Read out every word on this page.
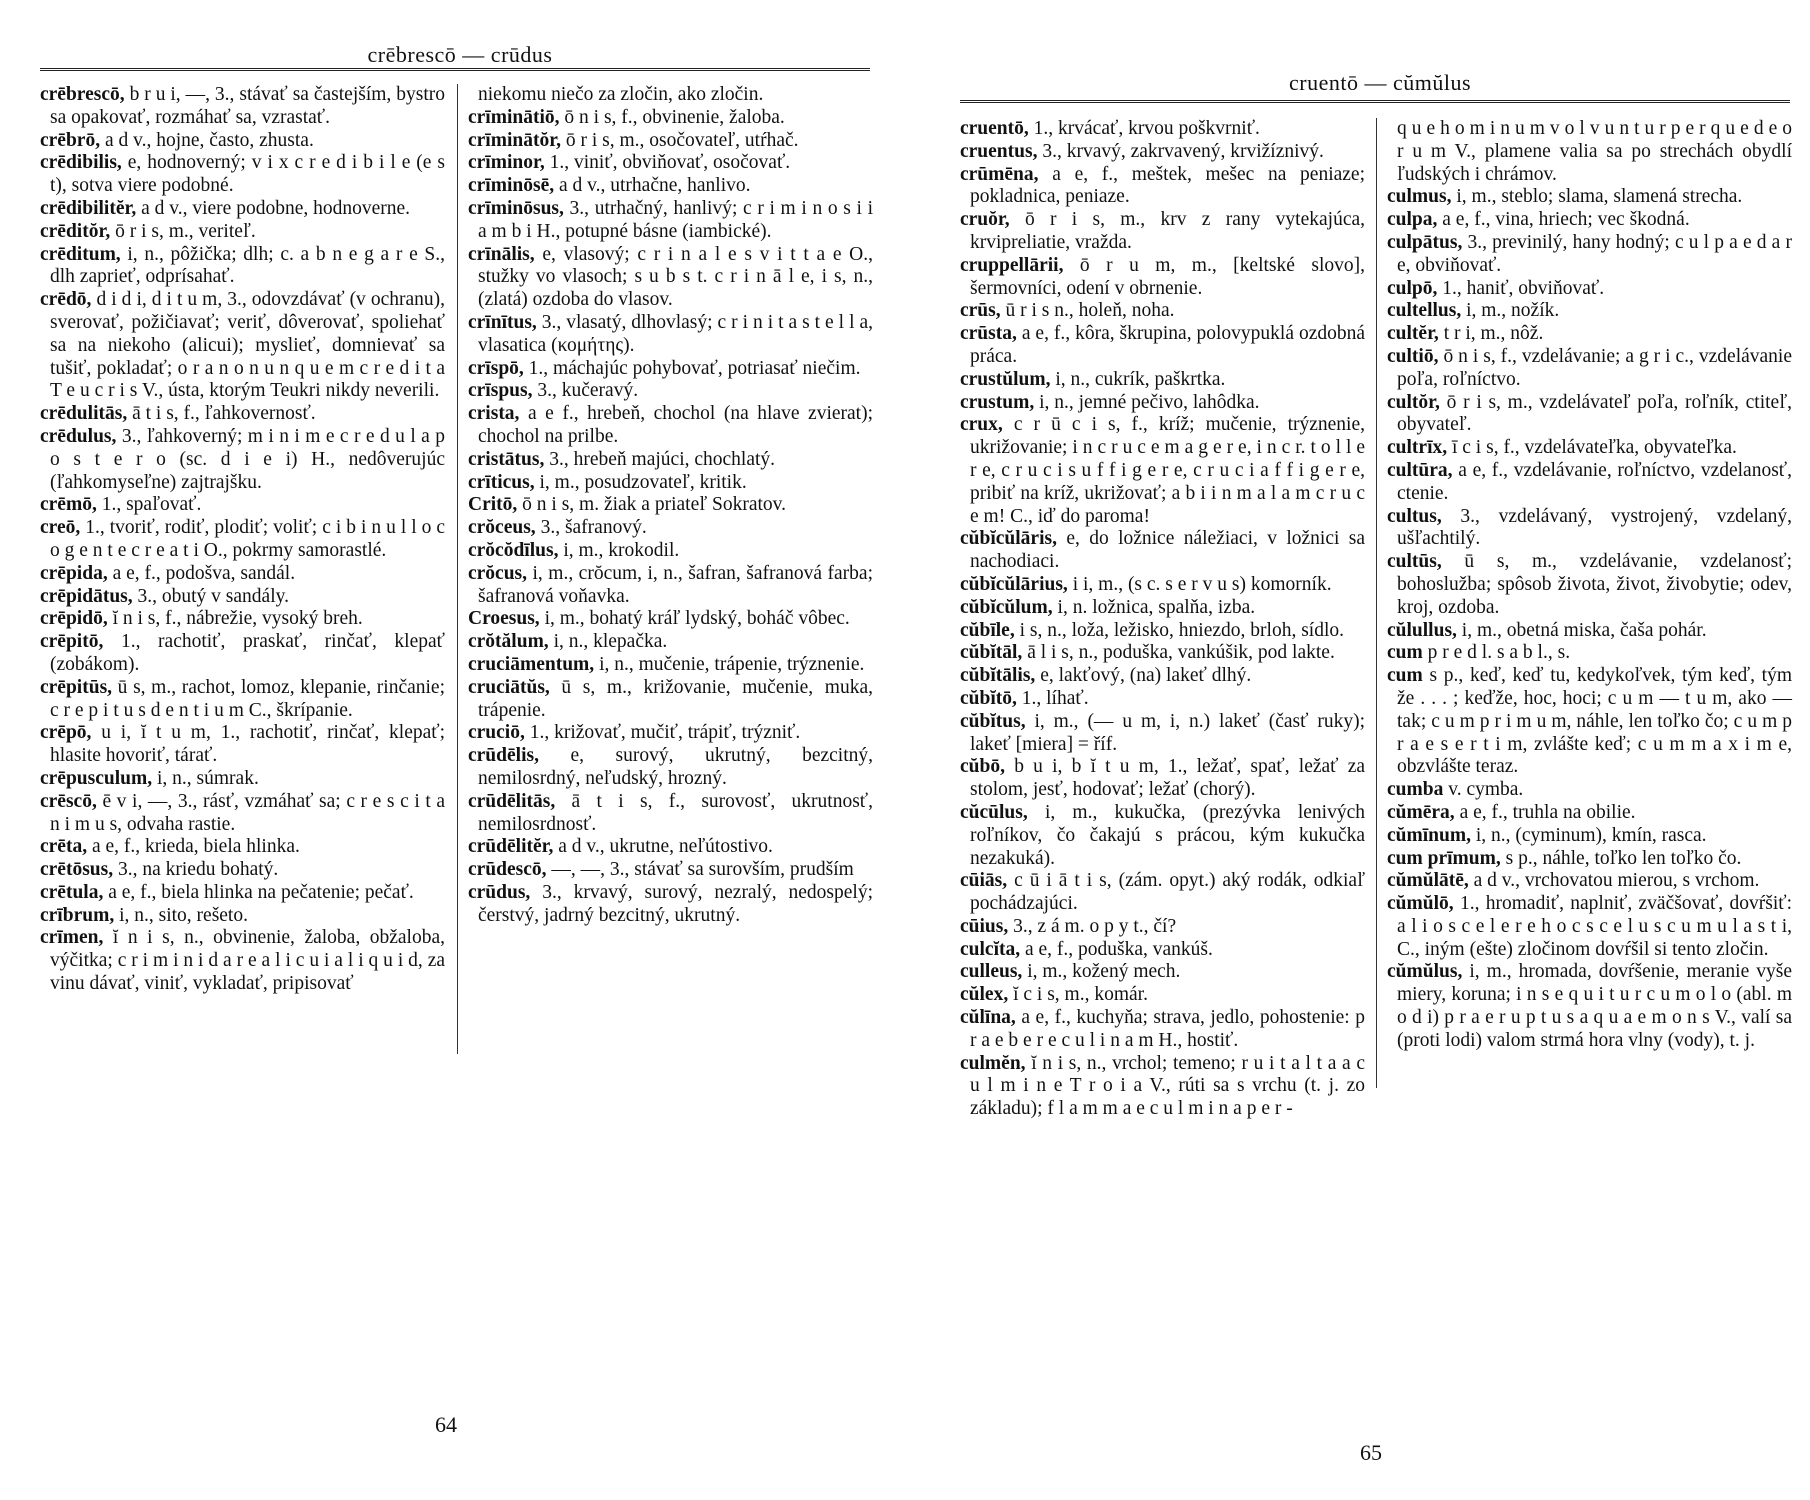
crēbrescō — crūdus

crēbrescō, b r u i, —, 3., stávať sa častejším, bystro sa opakovať, rozmáhať sa, vzrastať.

crēbrō, a d v., hojne, často, zhusta.

crēdibilis, e, hodnoverný; v i x c r e d i b i l e (e s t), sotva viere podobné.

crēdibilitĕr, a d v., viere podobne, hodnoverne.

crēditŏr, ō r i s, m., veriteľ.

crēditum, i, n., pôžička; dlh; c. a b n e g a r e S., dlh zaprieť, odprísahať.

crēdō, d i d i, d i t u m, 3., odovzdávať (v ochranu), sverovať, požičiavať; veriť, dôverovať, spoliehať sa na niekoho (alicui); myslieť, domnievať sa tušiť, pokladať; o r a n o n u n q u e m c r e d i t a T e u c r i s V., ústa, ktorým Teukri nikdy neverili.

crēdulitās, ā t i s, f., ľahkovernosť.

crēdulus, 3., ľahkoverný; m i n i m e c r e d u l a p o s t e r o (sc. d i e i) H., nedôverujúc (ľahkomyseľne) zajtrajšku.

crēmō, 1., spaľovať.

creō, 1., tvoriť, rodiť, plodiť; voliť; c i b i n u l l o c o g e n t e c r e a t i O., pokrmy samorastlé.

crēpida, a e, f., podošva, sandál.

crēpidātus, 3., obutý v sandály.

crēpidō, ĭ n i s, f., nábrežie, vysoký breh.

crēpitō, 1., rachotiť, praskať, rinčať, klepať (zobákom).

crēpitūs, ū s, m., rachot, lomoz, klepanie, rinčanie; c r e p i t u s d e n t i u m C., škrípanie.

crēpō, u i, ĭ t u m, 1., rachotiť, rinčať, klepať; hlasite hovoriť, tárať.

crēpusculum, i, n., súmrak.

crēscō, ē v i, —, 3., rásť, vzmáhať sa; c r e s c i t a n i m u s, odvaha rastie.

crēta, a e, f., krieda, biela hlinka.

crētōsus, 3., na kriedu bohatý.

crētula, a e, f., biela hlinka na pečatenie; pečať.

crībrum, i, n., sito, rešeto.

crīmen, ĭ n i s, n., obvinenie, žaloba, obžaloba, výčitka; c r i m i n i d a r e a l i c u i a l i q u i d, za vinu dávať, viniť, vykladať, pripisovať

niekomu niečo za zločin, ako zločin.

crīminātiō, ō n i s, f., obvinenie, žaloba.

crīminātŏr, ō r i s, m., osočovateľ, utŕhač.

crīminor, 1., viniť, obviňovať, osočovať.

crīminōsē, a d v., utrhačne, hanlivo.

crīminōsus, 3., utrhačný, hanlivý; c r i m i n o s i i a m b i H., potupné básne (iambické).

crīnālis, e, vlasový; c r i n a l e s v i t t a e O., stužky vo vlasoch; s u b s t. c r i n ā l e, i s, n., (zlatá) ozdoba do vlasov.

crīnītus, 3., vlasatý, dlhovlasý; c r i n i t a s t e l l a, vlasatica (κομήτης).

crīspō, 1., máchajúc pohybovať, potriasať niečim.

crīspus, 3., kučeravý.

crista, a e f., hrebeň, chochol (na hlave zvierat); chochol na prilbe.

cristātus, 3., hrebeň majúci, chochlatý.

crīticus, i, m., posudzovateľ, kritik.

Critō, ō n i s, m. žiak a priateľ Sokratov.

crŏceus, 3., šafranový.

crŏcŏdīlus, i, m., krokodil.

crŏcus, i, m., crŏcum, i, n., šafran, šafranová farba; šafranová voňavka.

Croesus, i, m., bohatý kráľ lydský, boháč vôbec.

crŏtălum, i, n., klepačka.

cruciāmentum, i, n., mučenie, trápenie, trýznenie.

cruciātŭs, ū s, m., križovanie, mučenie, muka, trápenie.

cruciō, 1., križovať, mučiť, trápiť, trýzniť.

crūdēlis, e, surový, ukrutný, bezcitný, nemilosrdný, neľudský, hrozný.

crūdēlitās, ā t i s, f., surovosť, ukrutnosť, nemilosrdnosť.

crūdēlitĕr, a d v., ukrutne, neľútostivo.

crūdescō, —, —, 3., stávať sa surovším, prudším

crūdus, 3., krvavý, surový, nezralý, nedospelý; čerstvý, jadrný bezcitný, ukrutný.

64
cruentō — cŭmŭlus

cruentō, 1., krvácať, krvou poškvrniť.

cruentus, 3., krvavý, zakrvavený, krvižíznivý.

crūmēna, a e, f., meštek, mešec na peniaze; pokladnica, peniaze.

cruŏr, ō r i s, m., krv z rany vytekajúca, krvipreliatie, vražda.

cruppellārii, ō r u m, m., [keltské slovo], šermovníci, odení v obrnenie.

crūs, ū r i s n., holeň, noha.

crūsta, a e, f., kôra, škrupina, polovypuklá ozdobná práca.

crustŭlum, i, n., cukrík, paškrtka.

crustum, i, n., jemné pečivo, lahôdka.

crux, c r ū c i s, f., kríž; mučenie, trýznenie, ukrižovanie; i n c r u c e m a g e r e, i n c r. t o l l e r e, c r u c i s u f f i g e r e, c r u c i a f f i g e r e, pribiť na kríž, ukrižovať; a b i i n m a l a m c r u c e m! C., iď do paroma!

cŭbĭcŭlāris, e, do ložnice náležiaci, v ložnici sa nachodiaci.

cŭbĭcŭlārius, i i, m., (s c. s e r v u s) komorník.

cŭbĭcŭlum, i, n. ložnica, spalňa, izba.

cŭbīle, i s, n., loža, ležisko, hniezdo, brloh, sídlo.

cŭbĭtāl, ā l i s, n., poduška, vankúšik, pod lakte.

cŭbĭtālis, e, lakťový, (na) lakeť dlhý.

cŭbĭtō, 1., líhať.

cŭbĭtus, i, m., (— u m, i, n.) lakeť (časť ruky); lakeť [miera] = říf.

cŭbō, b u i, b ĭ t u m, 1., ležať, spať, ležať za stolom, jesť, hodovať; ležať (chorý).

cŭcūlus, i, m., kukučka, (prezývka lenivých roľníkov, čo čakajú s prácou, kým kukučka nezakuká).

cūiās, c ū i ā t i s, (zám. opyt.) aký rodák, odkiaľ pochádzajúci.

cūius, 3., z á m. o p y t., čí?

culcĭta, a e, f., poduška, vankúš.

culleus, i, m., kožený mech.

cŭlex, ĭ c i s, m., komár.

cŭlīna, a e, f., kuchyňa; strava, jedlo, pohostenie: p r a e b e r e c u l i n a m H., hostiť.

culmĕn, ĭ n i s, n., vrchol; temeno; r u i t a l t a a c u l m i n e T r o i a V., rúti sa s vrchu (t. j. zo základu); f l a m m a e c u l m i n a p e r -

q u e h o m i n u m v o l v u n t u r p e r q u e d e o r u m V., plamene valia sa po strechách obydlí ľudských i chrámov.

culmus, i, m., steblo; slama, slamená strecha.

culpa, a e, f., vina, hriech; vec škodná.

culpātus, 3., previnilý, hany hodný; c u l p a e d a r e, obviňovať.

culpō, 1., haniť, obviňovať.

cultellus, i, m., nožík.

cultĕr, t r i, m., nôž.

cultiō, ō n i s, f., vzdelávanie; a g r i c., vzdelávanie poľa, roľníctvo.

cultŏr, ō r i s, m., vzdelávateľ poľa, roľník, ctiteľ, obyvateľ.

cultrīx, ī c i s, f., vzdelávateľka, obyvateľka.

cultūra, a e, f., vzdelávanie, roľníctvo, vzdelanosť, ctenie.

cultus, 3., vzdelávaný, vystrojený, vzdelaný, ušľachtilý.

cultūs, ū s, m., vzdelávanie, vzdelanosť; bohoslužba; spôsob života, život, živobytie; odev, kroj, ozdoba.

cŭlullus, i, m., obetná miska, čaša pohár.

cum p r e d l. s a b l., s.

cum s p., keď, keď tu, kedykoľvek, tým keď, tým že . . . ; keďže, hoc, hoci; c u m — t u m, ako — tak; c u m p r i m u m, náhle, len toľko čo; c u m p r a e s e r t i m, zvlášte keď; c u m m a x i m e, obzvlášte teraz.

cumba v. cymba.

cŭmēra, a e, f., truhla na obilie.

cŭmīnum, i, n., (cyminum), kmín, rasca.

cum prīmum, s p., náhle, toľko len toľko čo.

cŭmŭlātē, a d v., vrchovatou mierou, s vrchom.

cŭmŭlō, 1., hromadiť, naplniť, zväčšovať, dovŕšiť: a l i o s c e l e r e h o c s c e l u s c u m u l a s t i, C., iným (ešte) zločinom dovŕšil si tento zločin.

cŭmŭlus, i, m., hromada, dovŕšenie, meranie vyše miery, koruna; i n s e q u i t u r c u m o l o (abl. m o d i) p r a e r u p t u s a q u a e m o n s V., valí sa (proti lodi) valom strmá hora vlny (vody), t. j.

65
